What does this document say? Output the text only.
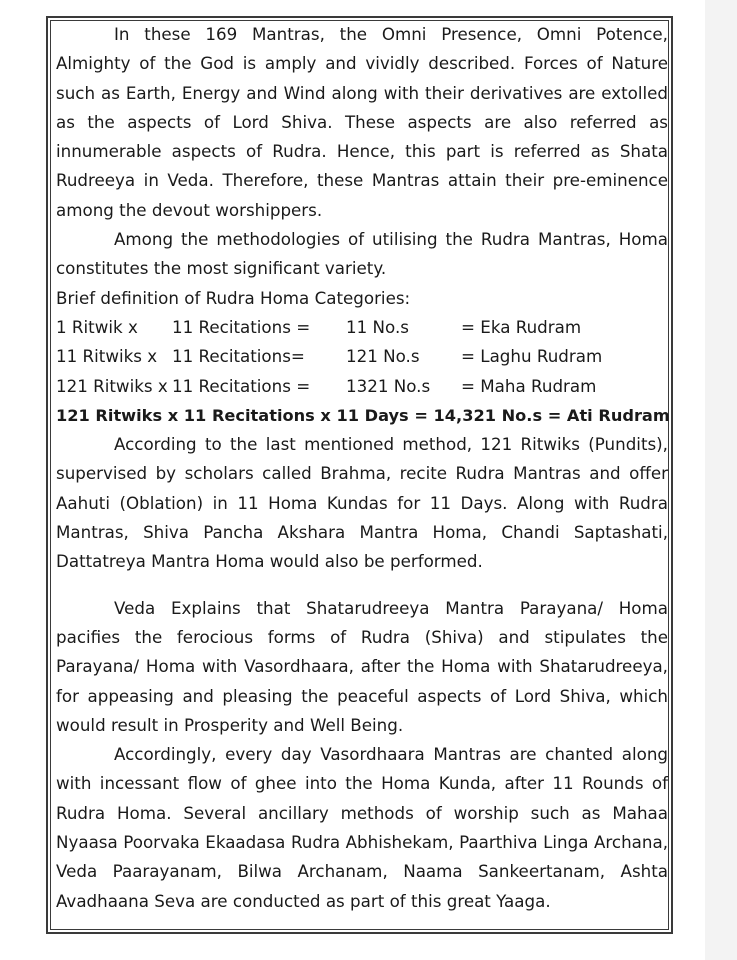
In these 169 Mantras, the Omni Presence, Omni Potence, Almighty of the God is amply and vividly described. Forces of Nature such as Earth, Energy and Wind along with their derivatives are extolled as the aspects of Lord Shiva. These aspects are also referred as innumerable aspects of Rudra. Hence, this part is referred as Shata Rudreeya in Veda. Therefore, these Mantras attain their pre-eminence among the devout worshippers.

Among the methodologies of utilising the Rudra Mantras, Homa constitutes the most significant variety.

Brief definition of Rudra Homa Categories:

1 Ritwik x	11 Recitations =	11 No.s	= Eka Rudram
11 Ritwiks x 11 Recitations=	121 No.s	= Laghu Rudram
121 Ritwiks x 11 Recitations =	1321 No.s	= Maha Rudram

121 Ritwiks x 11 Recitations x 11 Days = 14,321 No.s = Ati Rudram

According to the last mentioned method, 121 Ritwiks (Pundits), supervised by scholars called Brahma, recite Rudra Mantras and offer Aahuti (Oblation) in 11 Homa Kundas for 11 Days. Along with Rudra Mantras, Shiva Pancha Akshara Mantra Homa, Chandi Saptashati, Dattatreya Mantra Homa would also be performed.

Veda Explains that Shatarudreeya Mantra Parayana/ Homa pacifies the ferocious forms of Rudra (Shiva) and stipulates the Parayana/ Homa with Vasordhaara, after the Homa with Shatarudreeya, for appeasing and pleasing the peaceful aspects of Lord Shiva, which would result in Prosperity and Well Being.

Accordingly, every day Vasordhaara Mantras are chanted along with incessant flow of ghee into the Homa Kunda, after 11 Rounds of Rudra Homa. Several ancillary methods of worship such as Mahaa Nyaasa Poorvaka Ekaadasa Rudra Abhishekam, Paarthiva Linga Archana, Veda Paarayanam, Bilwa Archanam, Naama Sankeertanam, Ashta Avadhaana Seva are conducted as part of this great Yaaga.
